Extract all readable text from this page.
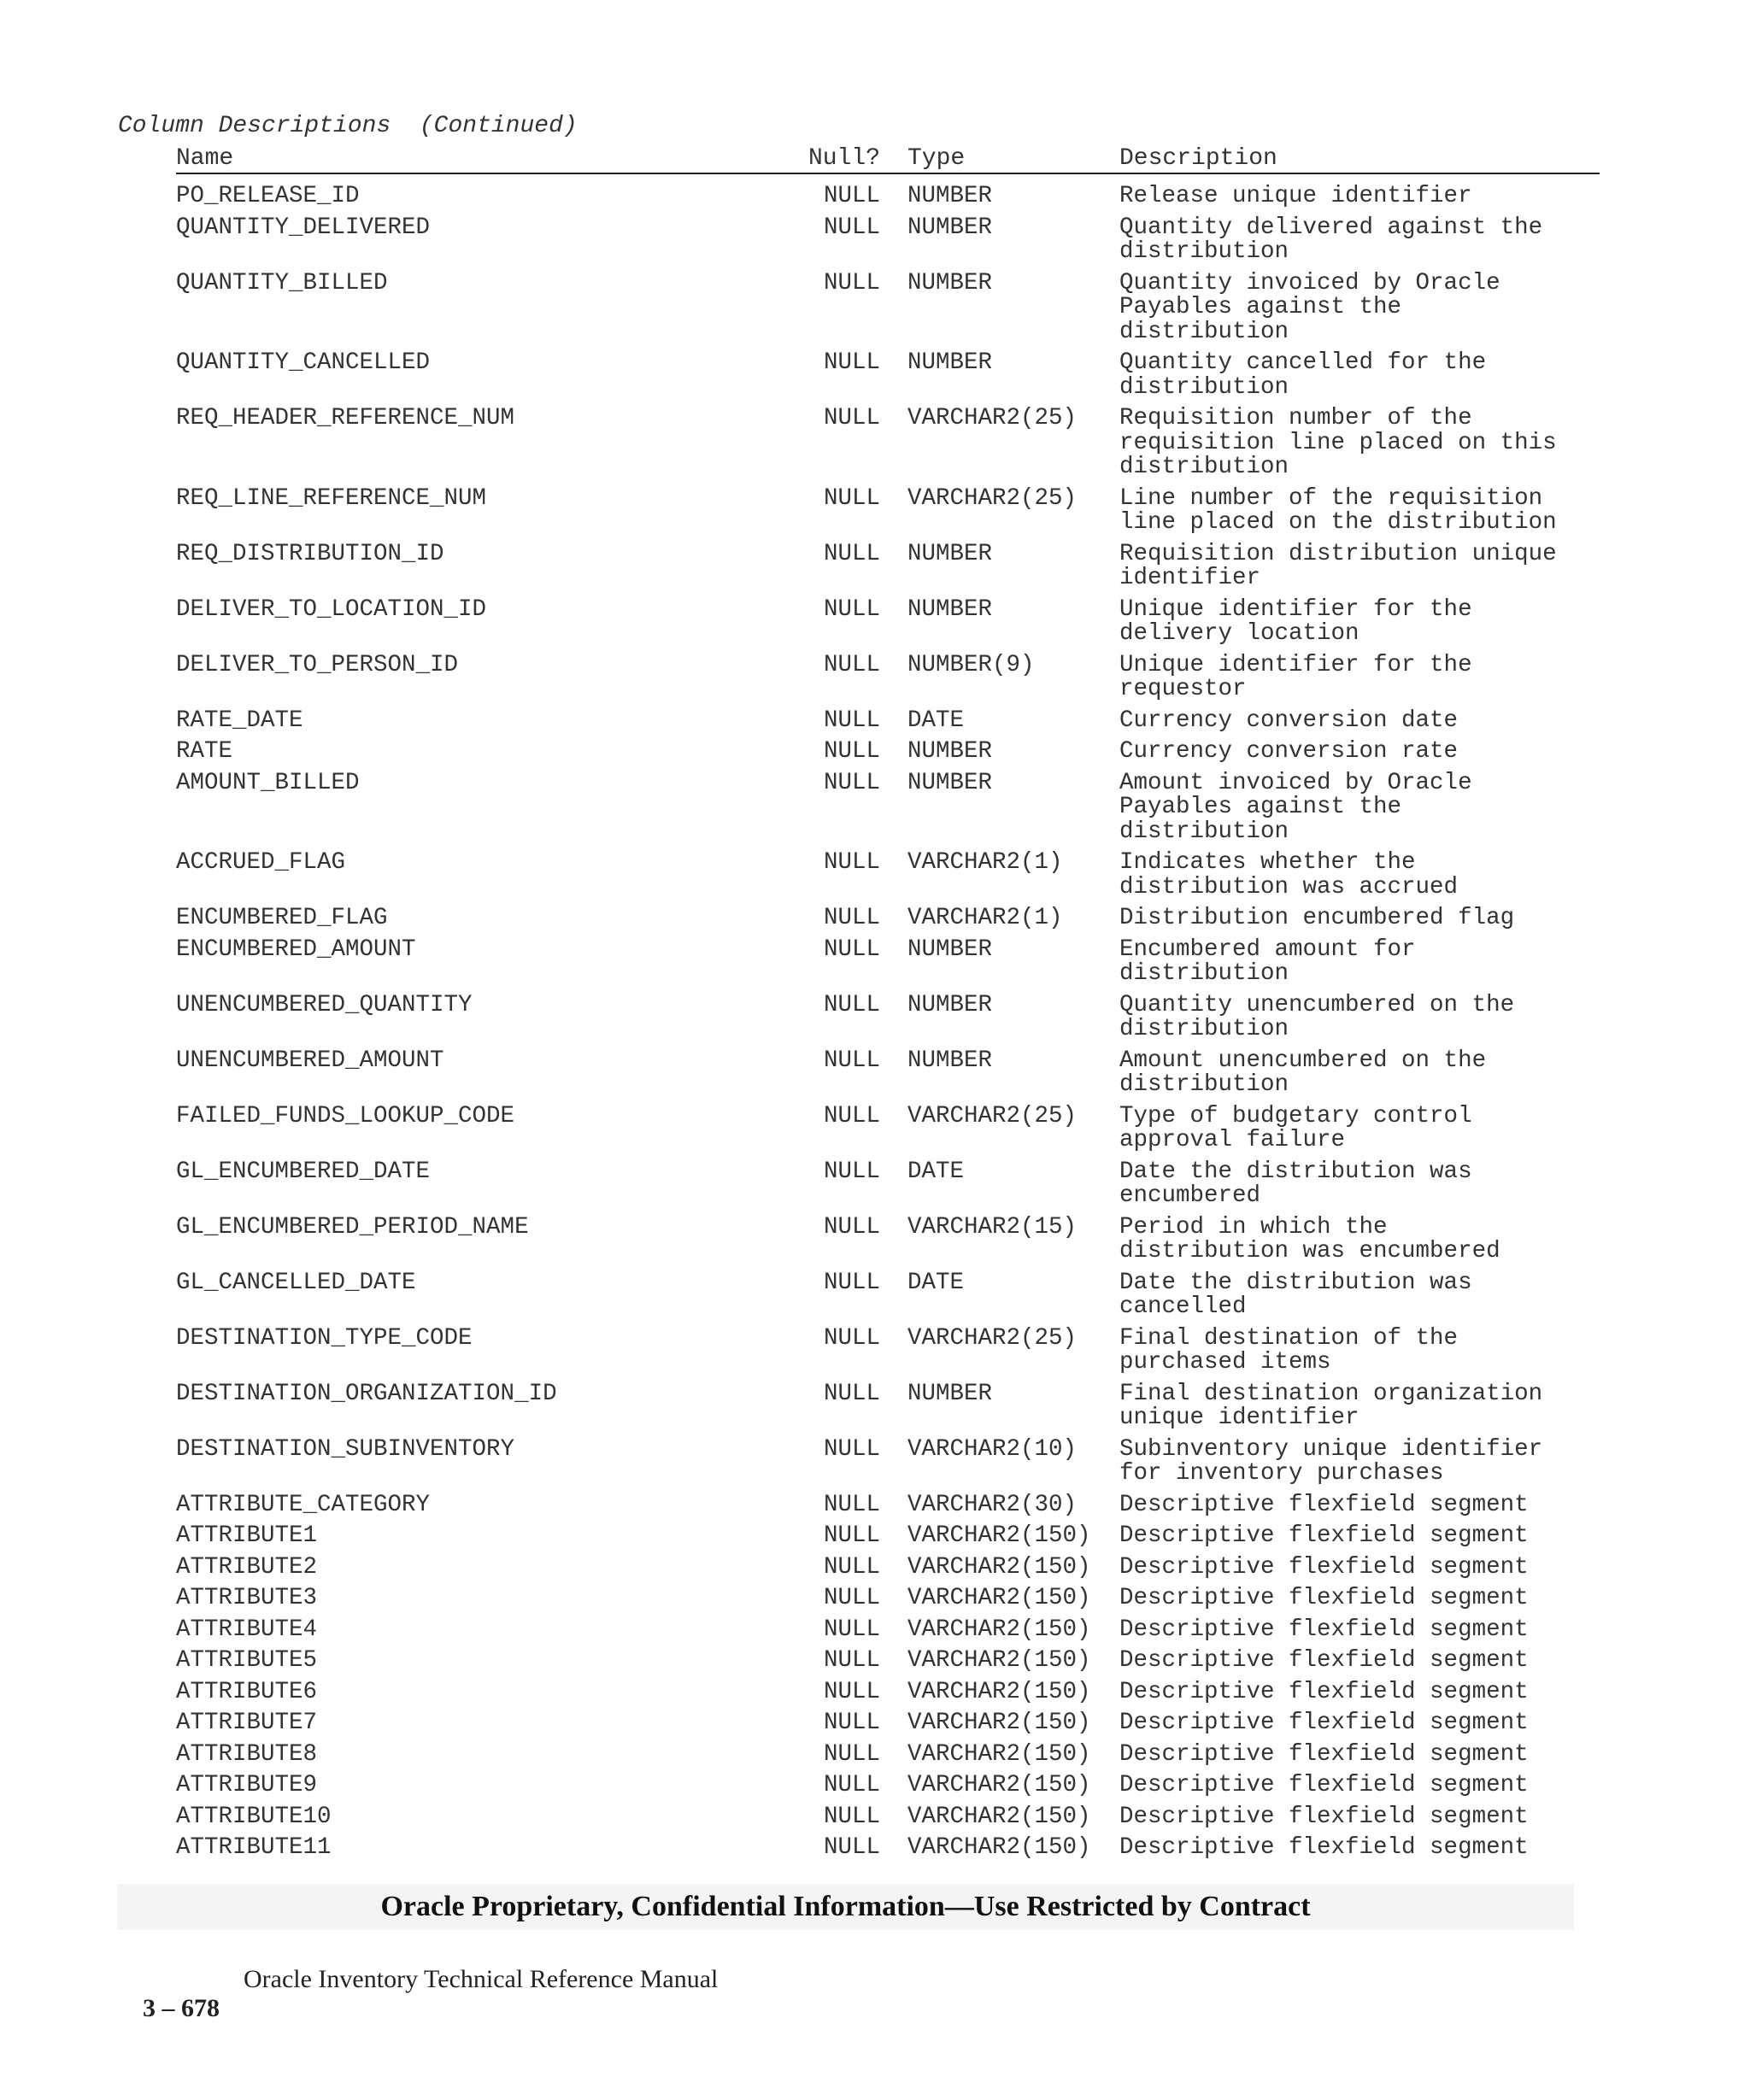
Column Descriptions  (Continued)
Name	Null? Type	Description
PO_RELEASE_ID	NULL NUMBER	Release unique identifier
QUANTITY_DELIVERED	NULL NUMBER	Quantity delivered against the
distribution
QUANTITY_BILLED	NULL NUMBER	Quantity invoiced by Oracle
Payables against the
distribution
QUANTITY_CANCELLED	NULL NUMBER	Quantity cancelled for the
distribution
REQ_HEADER_REFERENCE_NUM	NULL VARCHAR2(25) Requisition number of the
requisition line placed on this
distribution
REQ_LINE_REFERENCE_NUM	NULL VARCHAR2(25) Line number of the requisition
line placed on the distribution
REQ_DISTRIBUTION_ID	NULL NUMBER	Requisition distribution unique
identifier
DELIVER_TO_LOCATION_ID	NULL NUMBER	Unique identifier for the
delivery location
DELIVER_TO_PERSON_ID	NULL NUMBER(9)	Unique identifier for the
requestor
RATE_DATE	NULL DATE	Currency conversion date
RATE	NULL NUMBER	Currency conversion rate
AMOUNT_BILLED	NULL NUMBER	Amount invoiced by Oracle
Payables against the
distribution
ACCRUED_FLAG	NULL VARCHAR2(1) Indicates whether the
distribution was accrued
ENCUMBERED_FLAG	NULL VARCHAR2(1) Distribution encumbered flag
ENCUMBERED_AMOUNT	NULL NUMBER	Encumbered amount for
distribution
UNENCUMBERED_QUANTITY	NULL NUMBER	Quantity unencumbered on the
distribution
UNENCUMBERED_AMOUNT	NULL NUMBER	Amount unencumbered on the
distribution
FAILED_FUNDS_LOOKUP_CODE	NULL VARCHAR2(25) Type of budgetary control
approval failure
GL_ENCUMBERED_DATE	NULL DATE	Date the distribution was
encumbered
GL_ENCUMBERED_PERIOD_NAME	NULL VARCHAR2(15) Period in which the
distribution was encumbered
GL_CANCELLED_DATE	NULL DATE	Date the distribution was
cancelled
DESTINATION_TYPE_CODE	NULL VARCHAR2(25) Final destination of the
purchased items
DESTINATION_ORGANIZATION_ID	NULL NUMBER	Final destination organization
unique identifier
DESTINATION_SUBINVENTORY	NULL VARCHAR2(10) Subinventory unique identifier
for inventory purchases
ATTRIBUTE_CATEGORY	NULL VARCHAR2(30) Descriptive flexfield segment
ATTRIBUTE1	NULL VARCHAR2(150) Descriptive flexfield segment
ATTRIBUTE2	NULL VARCHAR2(150) Descriptive flexfield segment
ATTRIBUTE3	NULL VARCHAR2(150) Descriptive flexfield segment
ATTRIBUTE4	NULL VARCHAR2(150) Descriptive flexfield segment
ATTRIBUTE5	NULL VARCHAR2(150) Descriptive flexfield segment
ATTRIBUTE6	NULL VARCHAR2(150) Descriptive flexfield segment
ATTRIBUTE7	NULL VARCHAR2(150) Descriptive flexfield segment
ATTRIBUTE8	NULL VARCHAR2(150) Descriptive flexfield segment
ATTRIBUTE9	NULL VARCHAR2(150) Descriptive flexfield segment
ATTRIBUTE10	NULL VARCHAR2(150) Descriptive flexfield segment
ATTRIBUTE11	NULL VARCHAR2(150) Descriptive flexfield segment
Oracle Proprietary, Confidential Information––Use Restricted by Contract

3 – 678

Oracle Inventory Technical Reference Manual
